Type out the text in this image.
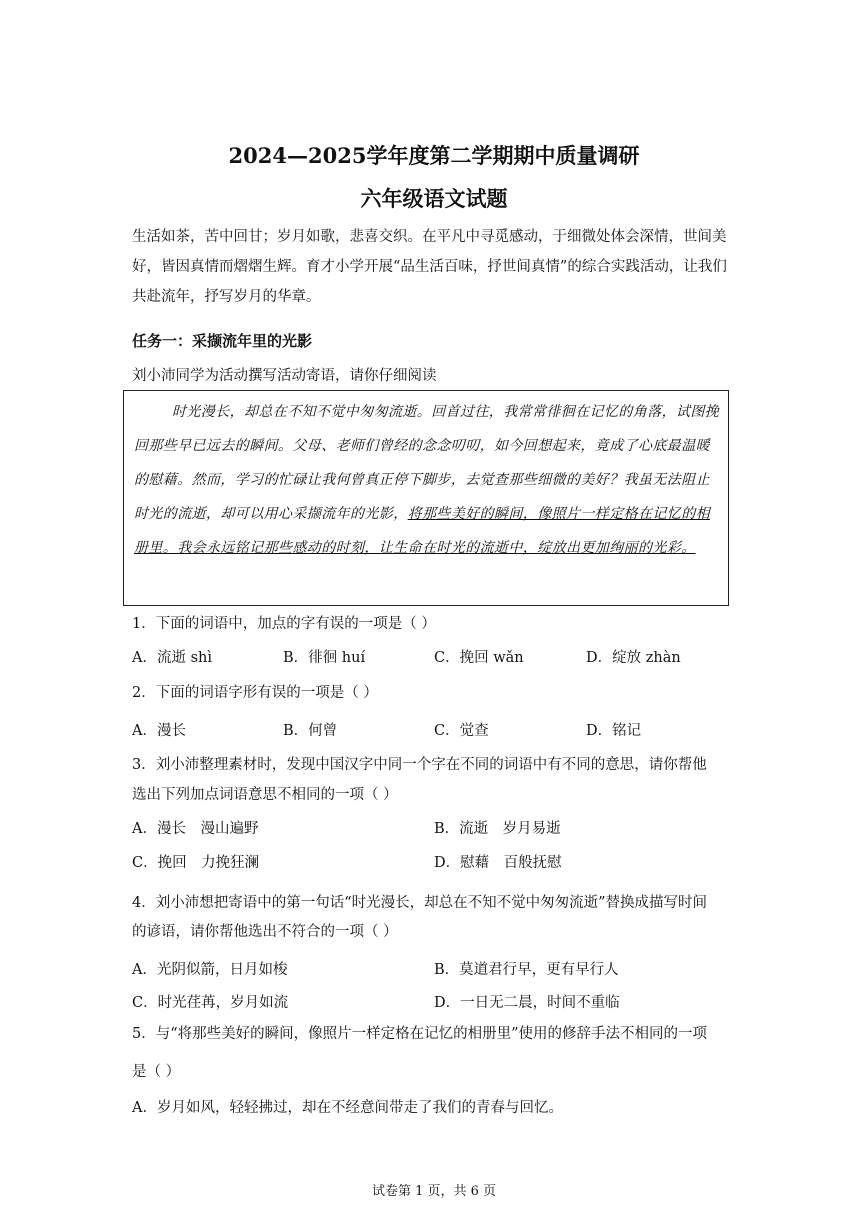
2024—2025学年度第二学期期中质量调研
六年级语文试题
生活如茶，苦中回甘；岁月如歌，悲喜交织。在平凡中寻觅感动，于细微处体会深情，世间美好，皆因真情而熠熠生辉。育才小学开展“品生活百味，抒世间真情”的综合实践活动，让我们共赴流年，抒写岁月的华章。
任务一：采撷流年里的光影
刘小沛同学为活动撰写活动寄语，请你仔细阅读
时光漫长，却总在不知不觉中匆匆流逝。回首过往，我常常徘徊在记忆的角落，试图挽回那些早已远去的瞬间。父母、老师们曾经的念念叨叨，如今回想起来，竟成了心底最温暖的慰藉。然而，学习的忙碌让我何曾真正停下脚步，去觉查那些细微的美好？我虽无法阻止时光的流逝，却可以用心采撷流年的光影，将那些美好的瞬间，像照片一样定格在记忆的相册里。我会永远铭记那些感动的时刻，让生命在时光的流逝中，绽放出更加绚丽的光彩。
1．下面的词语中，加点的字有误的一项是（ ）
A．流逝 shì	B．徘徊 huí	C．挽回 wǎn	D．绽放 zhàn
2．下面的词语字形有误的一项是（ ）
A．漫长	B．何曾	C．觉查	D．铭记
3．刘小沛整理素材时，发现中国汉字中同一个字在不同的词语中有不同的意思，请你帮他
选出下列加点词语意思不相同的一项（ ）
A．漫长　漫山遍野	B．流逝　岁月易逝
C．挽回　力挽狂澜	D．慰藉　百般抚慰
4．刘小沛想把寄语中的第一句话“时光漫长，却总在不知不觉中匆匆流逝”替换成描写时间
的谚语，请你帮他选出不符合的一项（ ）
A．光阴似箭，日月如梭	B．莫道君行早，更有早行人
C．时光荏苒，岁月如流	D．一日无二晨，时间不重临
5．与“将那些美好的瞬间，像照片一样定格在记忆的相册里”使用的修辞手法不相同的一项
是（ ）
A．岁月如风，轻轻拂过，却在不经意间带走了我们的青春与回忆。
试卷第 1 页，共 6 页
